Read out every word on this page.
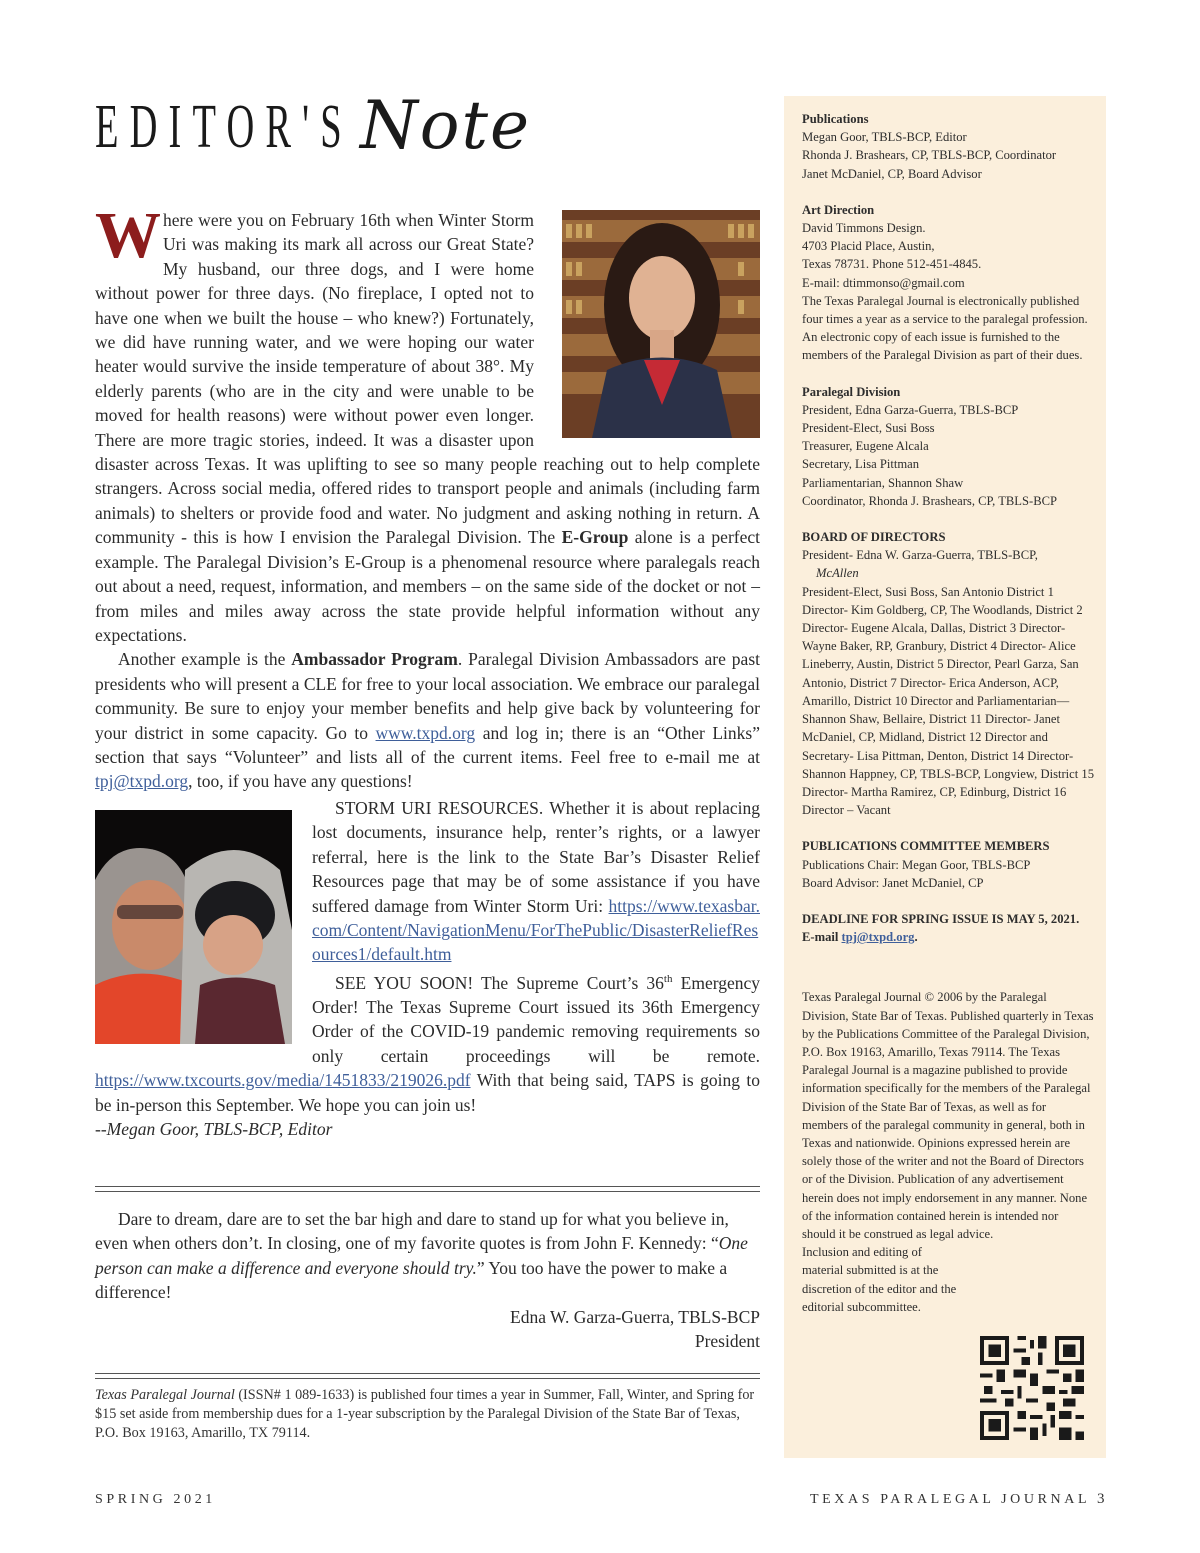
EDITOR'S Note

Where were you on February 16th when Winter Storm Uri was making its mark all across our Great State? My husband, our three dogs, and I were home without power for three days. (No fireplace, I opted not to have one when we built the house – who knew?) Fortunately, we did have running water, and we were hoping our water heater would survive the inside temperature of about 38°. My elderly parents (who are in the city and were unable to be moved for health reasons) were without power even longer. There are more tragic stories, indeed. It was a disaster upon disaster across Texas. It was uplifting to see so many people reaching out to help complete strangers. Across social media, offered rides to transport people and animals (including farm animals) to shelters or provide food and water. No judgment and asking nothing in return. A community - this is how I envision the Paralegal Division. The E-Group alone is a perfect example. The Paralegal Division’s E-Group is a phenomenal resource where paralegals reach out about a need, request, information, and members – on the same side of the docket or not – from miles and miles away across the state provide helpful information without any expectations.

Another example is the Ambassador Program. Paralegal Division Ambassadors are past presidents who will present a CLE for free to your local association. We embrace our paralegal community. Be sure to enjoy your member benefits and help give back by volunteering for your district in some capacity. Go to www.txpd.org and log in; there is an “Other Links” section that says “Volunteer” and lists all of the current items. Feel free to e-mail me at tpj@txpd.org, too, if you have any questions!

STORM URI RESOURCES. Whether it is about replacing lost documents, insurance help, renter’s rights, or a lawyer referral, here is the link to the State Bar’s Disaster Relief Resources page that may be of some assistance if you have suffered damage from Winter Storm Uri: https://www.texasbar.com/Content/NavigationMenu/ForThePublic/DisasterReliefResources1/default.htm

SEE YOU SOON! The Supreme Court’s 36th Emergency Order! The Texas Supreme Court issued its 36th Emergency Order of the COVID-19 pandemic removing requirements so only certain proceedings will be remote. https://www.txcourts.gov/media/1451833/219026.pdf With that being said, TAPS is going to be in-person this September. We hope you can join us!

--Megan Goor, TBLS-BCP, Editor

Dare to dream, dare are to set the bar high and dare to stand up for what you believe in, even when others don’t. In closing, one of my favorite quotes is from John F. Kennedy: “One person can make a difference and everyone should try.” You too have the power to make a difference!

Edna W. Garza-Guerra, TBLS-BCP

President

Texas Paralegal Journal (ISSN# 1 089-1633) is published four times a year in Summer, Fall, Winter, and Spring for $15 set aside from membership dues for a 1-year subscription by the Paralegal Division of the State Bar of Texas, P.O. Box 19163, Amarillo, TX 79114.
Publications
Megan Goor, TBLS-BCP, Editor
Rhonda J. Brashears, CP, TBLS-BCP, Coordinator
Janet McDaniel, CP, Board Advisor
Art Direction
David Timmons Design.
4703 Placid Place, Austin,
Texas 78731. Phone 512-451-4845.
E-mail: dtimmonso@gmail.com
The Texas Paralegal Journal is electronically published four times a year as a service to the paralegal profession. An electronic copy of each issue is furnished to the members of the Paralegal Division as part of their dues.
Paralegal Division
President, Edna Garza-Guerra, TBLS-BCP
President-Elect, Susi Boss
Treasurer, Eugene Alcala
Secretary, Lisa Pittman
Parliamentarian, Shannon Shaw
Coordinator, Rhonda J. Brashears, CP, TBLS-BCP
BOARD OF DIRECTORS
President- Edna W. Garza-Guerra, TBLS-BCP,
McAllen
President-Elect, Susi Boss, San Antonio District 1 Director- Kim Goldberg, CP, The Woodlands, District 2 Director- Eugene Alcala, Dallas, District 3 Director- Wayne Baker, RP, Granbury, District 4 Director- Alice Lineberry, Austin, District 5 Director, Pearl Garza, San Antonio, District 7 Director- Erica Anderson, ACP, Amarillo, District 10 Director and Parliamentarian—Shannon Shaw, Bellaire, District 11 Director- Janet McDaniel, CP, Midland, District 12 Director and Secretary- Lisa Pittman, Denton, District 14 Director- Shannon Happney, CP, TBLS-BCP, Longview, District 15 Director- Martha Ramirez, CP, Edinburg, District 16 Director – Vacant
PUBLICATIONS COMMITTEE MEMBERS
Publications Chair: Megan Goor, TBLS-BCP
Board Advisor: Janet McDaniel, CP
DEADLINE FOR SPRING ISSUE IS MAY 5, 2021.
E-mail tpj@txpd.org.
Texas Paralegal Journal © 2006 by the Paralegal Division, State Bar of Texas. Published quarterly in Texas by the Publications Committee of the Paralegal Division, P.O. Box 19163, Amarillo, Texas 79114. The Texas Paralegal Journal is a magazine published to provide information specifically for the members of the Paralegal Division of the State Bar of Texas, as well as for members of the paralegal community in general, both in Texas and nationwide. Opinions expressed herein are solely those of the writer and not the Board of Directors or of the Division. Publication of any advertisement herein does not imply endorsement in any manner. None of the information contained herein is intended nor should it be construed as legal advice.
Inclusion and editing of material submitted is at the discretion of the editor and the editorial subcommittee.
SPRING 2021	TEXAS PARALEGAL JOURNAL 3
